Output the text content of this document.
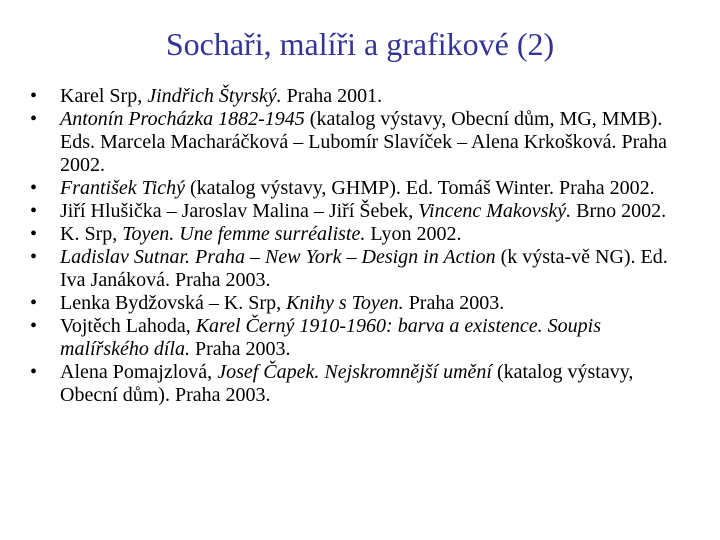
Sochaři, malíři a grafikové (2)
•	Karel Srp, Jindřich Štyrský. Praha 2001.
•	Antonín Procházka 1882-1945 (katalog výstavy, Obecní dům, MG, MMB). Eds. Marcela Macharáčková – Lubomír Slavíček – Alena Krkošková. Praha 2002.
•	František Tichý (katalog výstavy, GHMP). Ed. Tomáš Winter. Praha 2002.
•	Jiří Hlušička – Jaroslav Malina – Jiří Šebek, Vincenc Makovský. Brno 2002.
•	K. Srp, Toyen. Une femme surréaliste. Lyon 2002.
•	Ladislav Sutnar. Praha – New York – Design in Action (k výsta-vě NG). Ed. Iva Janáková. Praha 2003.
•	Lenka Bydžovská – K. Srp, Knihy s Toyen. Praha 2003.
•	Vojtěch Lahoda, Karel Černý 1910-1960: barva a existence. Soupis malířského díla. Praha 2003.
•	Alena Pomajzlová, Josef Čapek. Nejskromnější umění (katalog výstavy, Obecní dům). Praha 2003.
